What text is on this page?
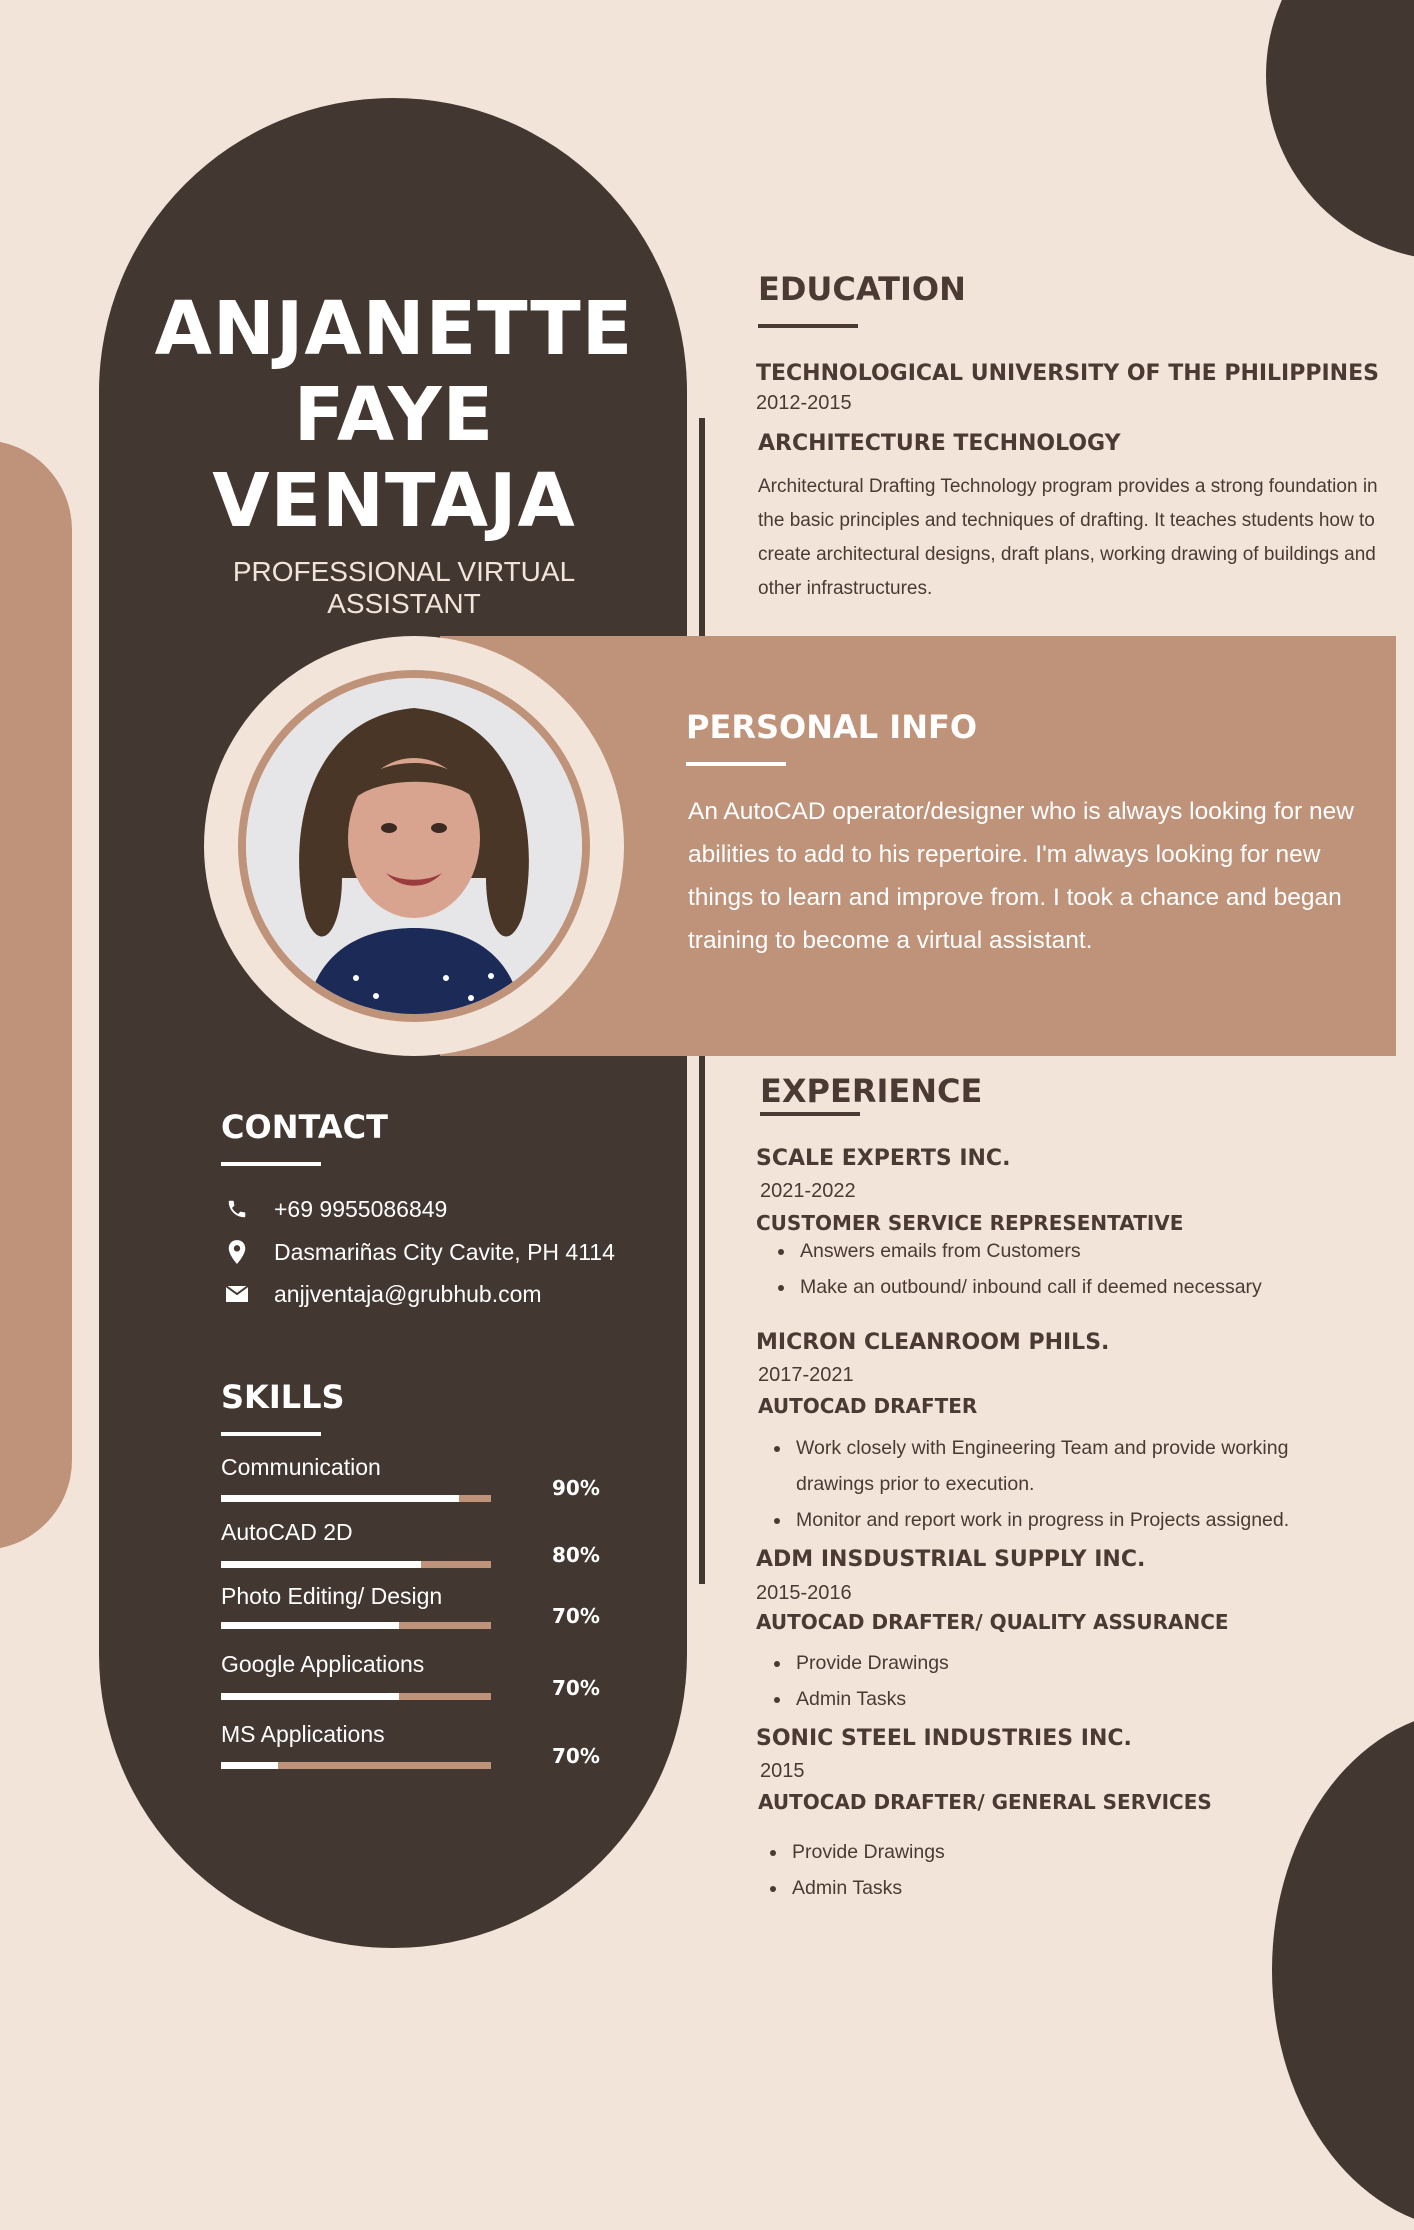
ANJANETTE
FAYE
VENTAJA
PROFESSIONAL VIRTUAL
ASSISTANT
EDUCATION
TECHNOLOGICAL UNIVERSITY OF THE PHILIPPINES
2012-2015
ARCHITECTURE TECHNOLOGY
Architectural Drafting Technology program provides a strong foundation in the basic principles and techniques of drafting. It teaches students how to create architectural designs, draft plans, working drawing of buildings and other infrastructures.
PERSONAL INFO
An AutoCAD operator/designer who is always looking for new abilities to add to his repertoire. I'm always looking for new things to learn and improve from. I took a chance and began training to become a virtual assistant.
CONTACT
+69 9955086849
Dasmariñas City Cavite, PH 4114
anjjventaja@grubhub.com
SKILLS
Communication
90%
AutoCAD 2D
80%
Photo Editing/ Design
70%
Google Applications
70%
MS Applications
70%
EXPERIENCE
SCALE EXPERTS INC.
2021-2022
CUSTOMER SERVICE REPRESENTATIVE
• Answers emails from Customers
• Make an outbound/ inbound call if deemed necessary
MICRON CLEANROOM PHILS.
2017-2021
AUTOCAD DRAFTER
• Work closely with Engineering Team and provide working drawings prior to execution.
• Monitor and report work in progress in Projects assigned.
ADM INSDUSTRIAL SUPPLY INC.
2015-2016
AUTOCAD DRAFTER/ QUALITY ASSURANCE
• Provide Drawings
• Admin Tasks
SONIC STEEL INDUSTRIES INC.
2015
AUTOCAD DRAFTER/ GENERAL SERVICES
• Provide Drawings
• Admin Tasks
